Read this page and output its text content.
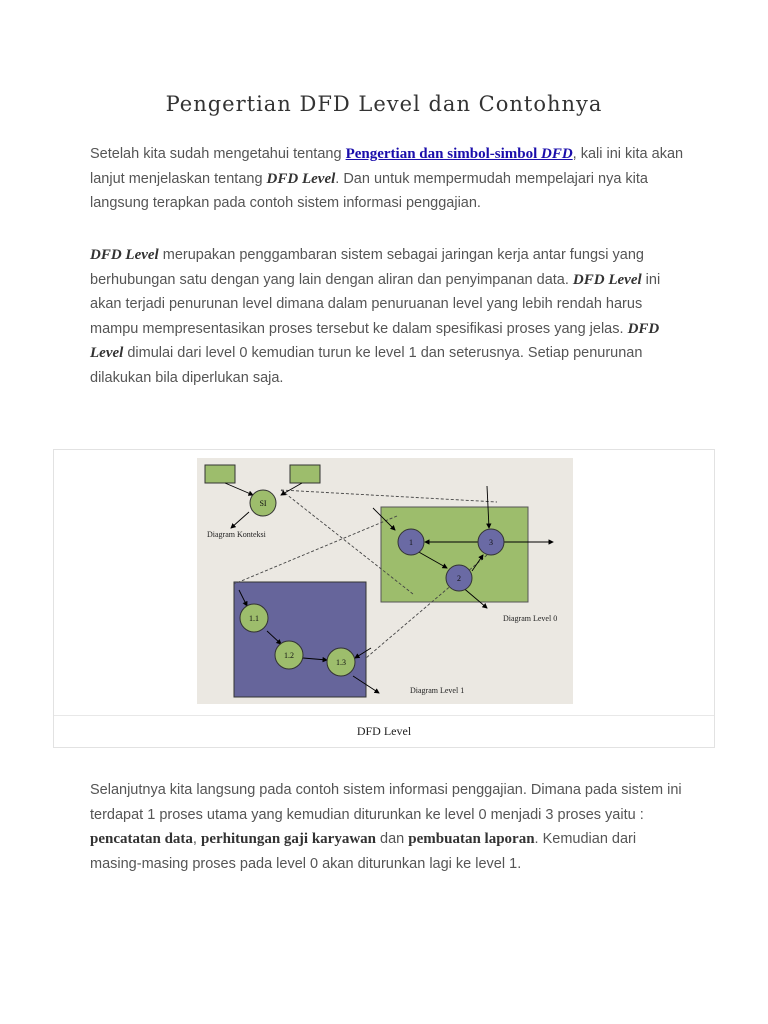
Pengertian DFD Level dan Contohnya

Setelah kita sudah mengetahui tentang Pengertian dan simbol-simbol DFD, kali ini kita akan lanjut menjelaskan tentang DFD Level. Dan untuk mempermudah mempelajari nya kita langsung terapkan pada contoh sistem informasi penggajian.

DFD Level merupakan penggambaran sistem sebagai jaringan kerja antar fungsi yang berhubungan satu dengan yang lain dengan aliran dan penyimpanan data. DFD Level ini akan terjadi penurunan level dimana dalam penuruanan level yang lebih rendah harus mampu mempresentasikan proses tersebut ke dalam spesifikasi proses yang jelas. DFD Level dimulai dari level 0 kemudian turun ke level 1 dan seterusnya. Setiap penurunan dilakukan bila diperlukan saja.

SI
1	3
2
1.1
1.2
1.3
Diagram Konteksi
Diagram Level 0
Diagram Level 1
DFD Level

Selanjutnya kita langsung pada contoh sistem informasi penggajian. Dimana pada sistem ini terdapat 1 proses utama yang kemudian diturunkan ke level 0 menjadi 3 proses yaitu : pencatatan data, perhitungan gaji karyawan dan pembuatan laporan. Kemudian dari masing-masing proses pada level 0 akan diturunkan lagi ke level 1.
